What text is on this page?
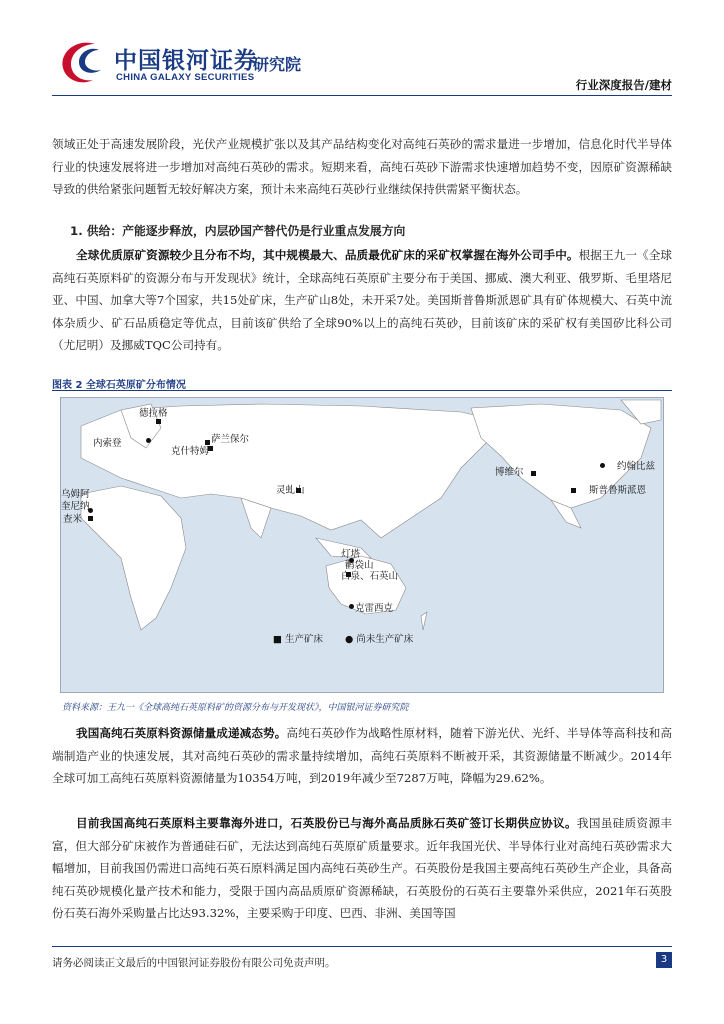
中国银河证券
CHINA GALAXY SECURITIES
研究院
行业深度报告/建材
领域正处于高速发展阶段，光伏产业规模扩张以及其产品结构变化对高纯石英砂的需求量进一步增加，信息化时代半导体行业的快速发展将进一步增加对高纯石英砂的需求。短期来看，高纯石英砂下游需求快速增加趋势不变，因原矿资源稀缺导致的供给紧张问题暂无较好解决方案，预计未来高纯石英砂行业继续保持供需紧平衡状态。
1. 供给：产能逐步释放，内层砂国产替代仍是行业重点发展方向
全球优质原矿资源较少且分布不均，其中规模最大、品质最优矿床的采矿权掌握在海外公司手中。根据王九一《全球高纯石英原料矿的资源分布与开发现状》统计，全球高纯石英原矿主要分布于美国、挪威、澳大利亚、俄罗斯、毛里塔尼亚、中国、加拿大等7个国家，共15处矿床，生产矿山8处，未开采7处。美国斯普鲁斯派恩矿具有矿体规模大、石英中流体杂质少、矿石品质稳定等优点，目前该矿供给了全球90%以上的高纯石英砂，目前该矿床的采矿权有美国矽比科公司（尤尼明）及挪威TQC公司持有。
图表 2 全球石英原矿分布情况
德拉格
内索登
克什特姆
萨兰保尔
灵虬山
乌姆阿
奎尼纳
查米
灯塔
鹳袋山
白泉、石英山
克雷西克
博维尔
约翰比兹
斯普鲁斯派恩
■ 生产矿床 ● 尚未生产矿床
资料来源：王九一《全球高纯石英原料矿的资源分布与开发现状》，中国银河证券研究院
我国高纯石英原料资源储量成递减态势。高纯石英砂作为战略性原材料，随着下游光伏、光纤、半导体等高科技和高端制造产业的快速发展，其对高纯石英砂的需求量持续增加，高纯石英原料不断被开采，其资源储量不断减少。2014年全球可加工高纯石英原料资源储量为10354万吨，到2019年减少至7287万吨，降幅为29.62%。
目前我国高纯石英原料主要靠海外进口，石英股份已与海外高品质脉石英矿签订长期供应协议。我国虽硅质资源丰富，但大部分矿床被作为普通硅石矿，无法达到高纯石英原矿质量要求。近年我国光伏、半导体行业对高纯石英砂需求大幅增加，目前我国仍需进口高纯石英石原料满足国内高纯石英砂生产。石英股份是我国主要高纯石英砂生产企业，具备高纯石英砂规模化量产技术和能力，受限于国内高品质原矿资源稀缺，石英股份的石英石主要靠外采供应，2021年石英股份石英石海外采购量占比达93.32%，主要采购于印度、巴西、非洲、美国等国
请务必阅读正文最后的中国银河证券股份有限公司免责声明。	3
